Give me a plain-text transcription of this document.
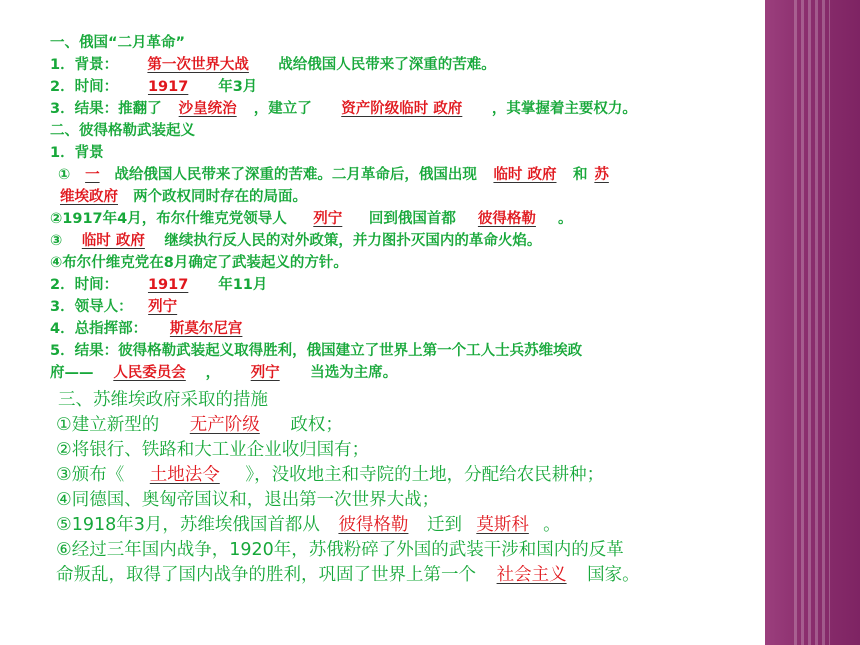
一、俄国“二月革命”
1．背景： 第一次世界大战 战给俄国人民带来了深重的苦难。
2．时间： 1917 年3月
3．结果：推翻了 沙皇统治 ，建立了 资产阶级临时 政府 ，其掌握着主要权力。
二、彼得格勒武装起义
1．背景
① 一 战给俄国人民带来了深重的苦难。二月革命后，俄国出现 临时 政府 和 苏
维埃政府 两个政权同时存在的局面。
②1917年4月，布尔什维克党领导人 列宁 回到俄国首都 彼得格勒 。
③ 临时 政府 继续执行反人民的对外政策，并力图扑灭国内的革命火焰。
④布尔什维克党在8月确定了武装起义的方针。
2．时间： 1917 年11月
3．领导人： 列宁
4．总指挥部： 斯莫尔尼宫
5．结果：彼得格勒武装起义取得胜利，俄国建立了世界上第一个工人士兵苏维埃政
府—— 人民委员会 ， 列宁 当选为主席。
三、苏维埃政府采取的措施
①建立新型的 无产阶级 政权；
②将银行、铁路和大工业企业收归国有；
③颁布《 土地法令 》，没收地主和寺院的土地，分配给农民耕种；
④同德国、奥匈帝国议和，退出第一次世界大战；
⑤1918年3月，苏维埃俄国首都从 彼得格勒 迁到 莫斯科 。
⑥经过三年国内战争，1920年，苏俄粉碎了外国的武装干涉和国内的反革
命叛乱，取得了国内战争的胜利，巩固了世界上第一个 社会主义 国家。
